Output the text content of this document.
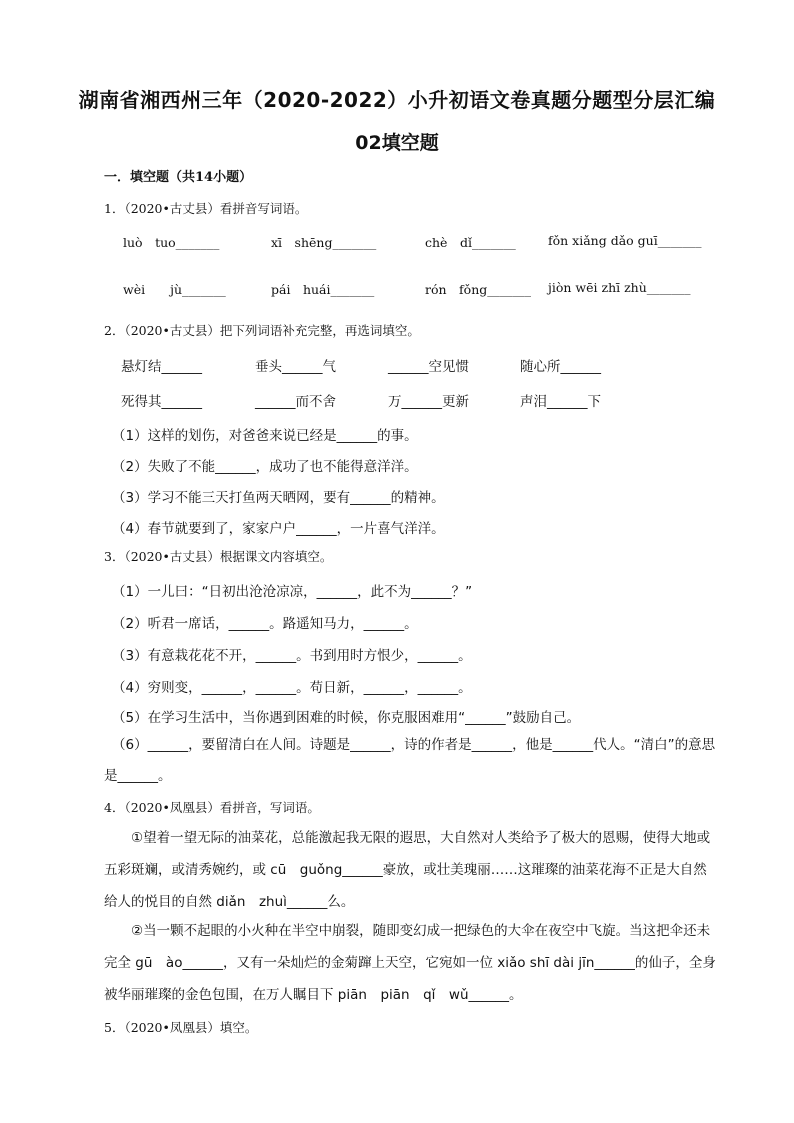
湖南省湘西州三年（2020-2022）小升初语文卷真题分题型分层汇编
02填空题
一．填空题（共14小题）
1．（2020•古丈县）看拼音写词语。
luò　tuo_______	xī　shēng_______	chè　dǐ_______	fǒn xiǎng dǎo guī_______
wèi　　jù_______	pái　huái_______	rón　fǒng_______ jiòn wēi zhī zhù_______
2．（2020•古丈县）把下列词语补充完整，再选词填空。
悬灯结______	垂头______气	______空见惯	随心所______
死得其______	______而不舍	万______更新	声泪______下
（1）这样的划伤，对爸爸来说已经是______的事。
（2）失败了不能______，成功了也不能得意洋洋。
（3）学习不能三天打鱼两天晒网，要有______的精神。
（4）春节就要到了，家家户户______，一片喜气洋洋。
3．（2020•古丈县）根据课文内容填空。
（1）一儿曰：“日初出沧沧凉凉，______，此不为______？”
（2）听君一席话，______。路遥知马力，______。
（3）有意栽花花不开，______。书到用时方恨少，______。
（4）穷则变，______，______。苟日新，______，______。
（5）在学习生活中，当你遇到困难的时候，你克服困难用“______”鼓励自己。
（6）______，要留清白在人间。诗题是______，诗的作者是______，他是______代人。“清白”的意思是______。
4．（2020•凤凰县）看拼音，写词语。
①望着一望无际的油菜花，总能激起我无限的遐思，大自然对人类给予了极大的恩赐，使得大地或五彩斑斓，或清秀婉约，或 cū　guǒng______豪放，或壮美瑰丽……这璀璨的油菜花海不正是大自然给人的悦目的自然 diǎn　zhuì______么。
②当一颗不起眼的小火种在半空中崩裂，随即变幻成一把绿色的大伞在夜空中飞旋。当这把伞还未完全 gū　ào______，又有一朵灿烂的金菊蹿上天空，它宛如一位 xiǎo shī dài jīn______的仙子，全身被华丽璀璨的金色包围，在万人瞩目下 piān　piān　qǐ　wǔ______。
5．（2020•凤凰县）填空。
